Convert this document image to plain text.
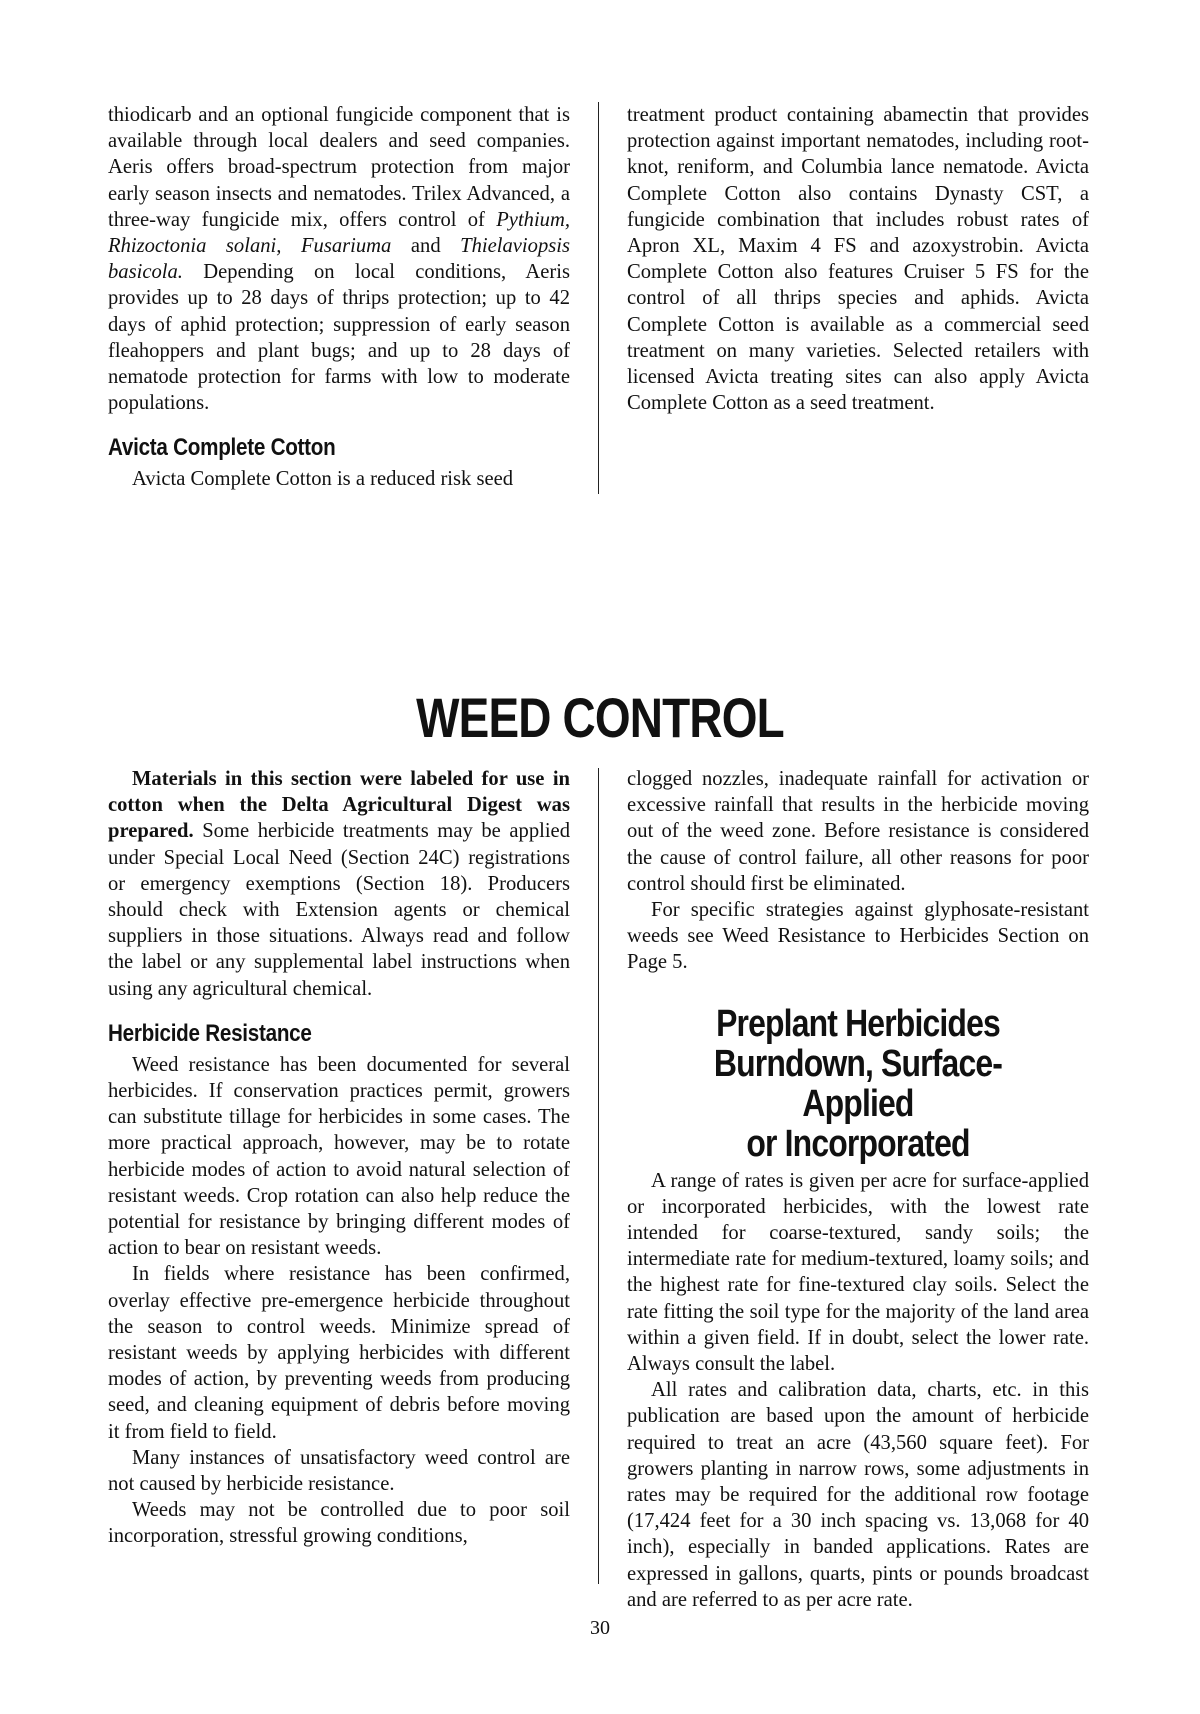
thiodicarb and an optional fungicide component that is available through local dealers and seed companies. Aeris offers broad-spectrum protection from major early season insects and nematodes. Trilex Advanced, a three-way fungicide mix, offers control of Pythium, Rhizoctonia solani, Fusariuma and Thielaviopsis basicola. Depending on local conditions, Aeris provides up to 28 days of thrips protection; up to 42 days of aphid protection; suppression of early season fleahoppers and plant bugs; and up to 28 days of nematode protection for farms with low to moderate populations.

Avicta Complete Cotton

Avicta Complete Cotton is a reduced risk seed

treatment product containing abamectin that provides protection against important nematodes, including root-knot, reniform, and Columbia lance nematode. Avicta Complete Cotton also contains Dynasty CST, a fungicide combination that includes robust rates of Apron XL, Maxim 4 FS and azoxystrobin. Avicta Complete Cotton also features Cruiser 5 FS for the control of all thrips species and aphids. Avicta Complete Cotton is available as a commercial seed treatment on many varieties. Selected retailers with licensed Avicta treating sites can also apply Avicta Complete Cotton as a seed treatment.

WEED CONTROL

Materials in this section were labeled for use in cotton when the Delta Agricultural Digest was prepared. Some herbicide treatments may be applied under Special Local Need (Section 24C) registrations or emergency exemptions (Section 18). Producers should check with Extension agents or chemical suppliers in those situations. Always read and follow the label or any supplemental label instructions when using any agricultural chemical.

Herbicide Resistance

Weed resistance has been documented for several herbicides. If conservation practices permit, growers can substitute tillage for herbicides in some cases. The more practical approach, however, may be to rotate herbicide modes of action to avoid natural selection of resistant weeds. Crop rotation can also help reduce the potential for resistance by bringing different modes of action to bear on resistant weeds.

In fields where resistance has been confirmed, overlay effective pre-emergence herbicide throughout the season to control weeds. Minimize spread of resistant weeds by applying herbicides with different modes of action, by preventing weeds from producing seed, and cleaning equipment of debris before moving it from field to field.

Many instances of unsatisfactory weed control are not caused by herbicide resistance.

Weeds may not be controlled due to poor soil incorporation, stressful growing conditions,

clogged nozzles, inadequate rainfall for activation or excessive rainfall that results in the herbicide moving out of the weed zone. Before resistance is considered the cause of control failure, all other reasons for poor control should first be eliminated.

For specific strategies against glyphosate-resistant weeds see Weed Resistance to Herbicides Section on Page 5.

Preplant Herbicides
Burndown, Surface-Applied
or Incorporated

A range of rates is given per acre for surface-applied or incorporated herbicides, with the lowest rate intended for coarse-textured, sandy soils; the intermediate rate for medium-textured, loamy soils; and the highest rate for fine-textured clay soils. Select the rate fitting the soil type for the majority of the land area within a given field. If in doubt, select the lower rate. Always consult the label.

All rates and calibration data, charts, etc. in this publication are based upon the amount of herbicide required to treat an acre (43,560 square feet). For growers planting in narrow rows, some adjustments in rates may be required for the additional row footage (17,424 feet for a 30 inch spacing vs. 13,068 for 40 inch), especially in banded applications. Rates are expressed in gallons, quarts, pints or pounds broadcast and are referred to as per acre rate.

30
